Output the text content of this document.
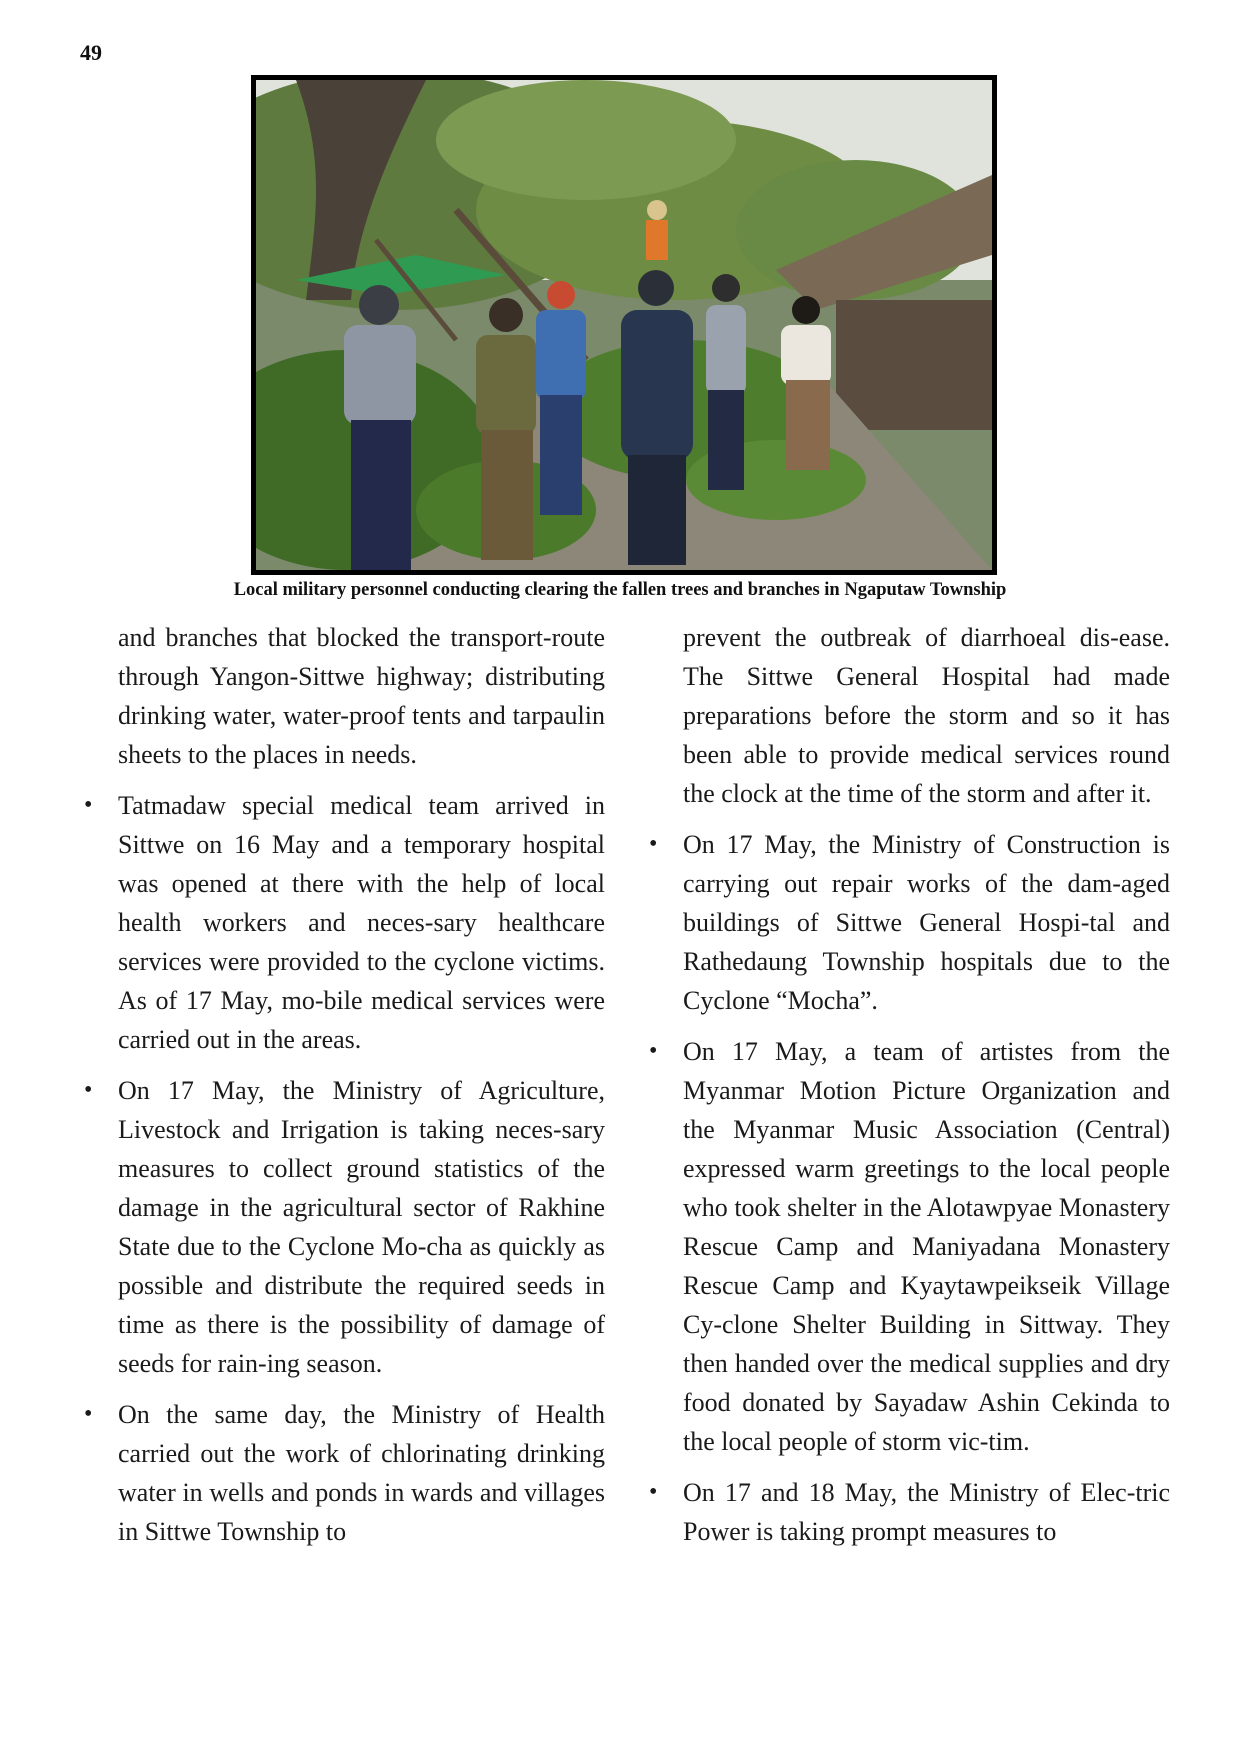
49
Local military personnel conducting clearing the fallen trees and branches in Ngaputaw Township

and branches that blocked the transport-route through Yangon-Sittwe highway; distributing drinking water, water-proof tents and tarpaulin sheets to the places in needs.

• Tatmadaw special medical team arrived in Sittwe on 16 May and a temporary hospital was opened at there with the help of local health workers and neces-sary healthcare services were provided to the cyclone victims. As of 17 May, mo-bile medical services were carried out in the areas.
• On 17 May, the Ministry of Agriculture, Livestock and Irrigation is taking neces-sary measures to collect ground statistics of the damage in the agricultural sector of Rakhine State due to the Cyclone Mo-cha as quickly as possible and distribute the required seeds in time as there is the possibility of damage of seeds for rain-ing season.
• On the same day, the Ministry of Health carried out the work of chlorinating drinking water in wells and ponds in wards and villages in Sittwe Township to

prevent the outbreak of diarrhoeal dis-ease. The Sittwe General Hospital had made preparations before the storm and so it has been able to provide medical services round the clock at the time of the storm and after it.

• On 17 May, the Ministry of Construction is carrying out repair works of the dam-aged buildings of Sittwe General Hospi-tal and Rathedaung Township hospitals due to the Cyclone “Mocha”.
• On 17 May, a team of artistes from the Myanmar Motion Picture Organization and the Myanmar Music Association (Central) expressed warm greetings to the local people who took shelter in the Alotawpyae Monastery Rescue Camp and Maniyadana Monastery Rescue Camp and Kyaytawpeikseik Village Cy-clone Shelter Building in Sittway. They then handed over the medical supplies and dry food donated by Sayadaw Ashin Cekinda to the local people of storm vic-tim.
• On 17 and 18 May, the Ministry of Elec-tric Power is taking prompt measures to
